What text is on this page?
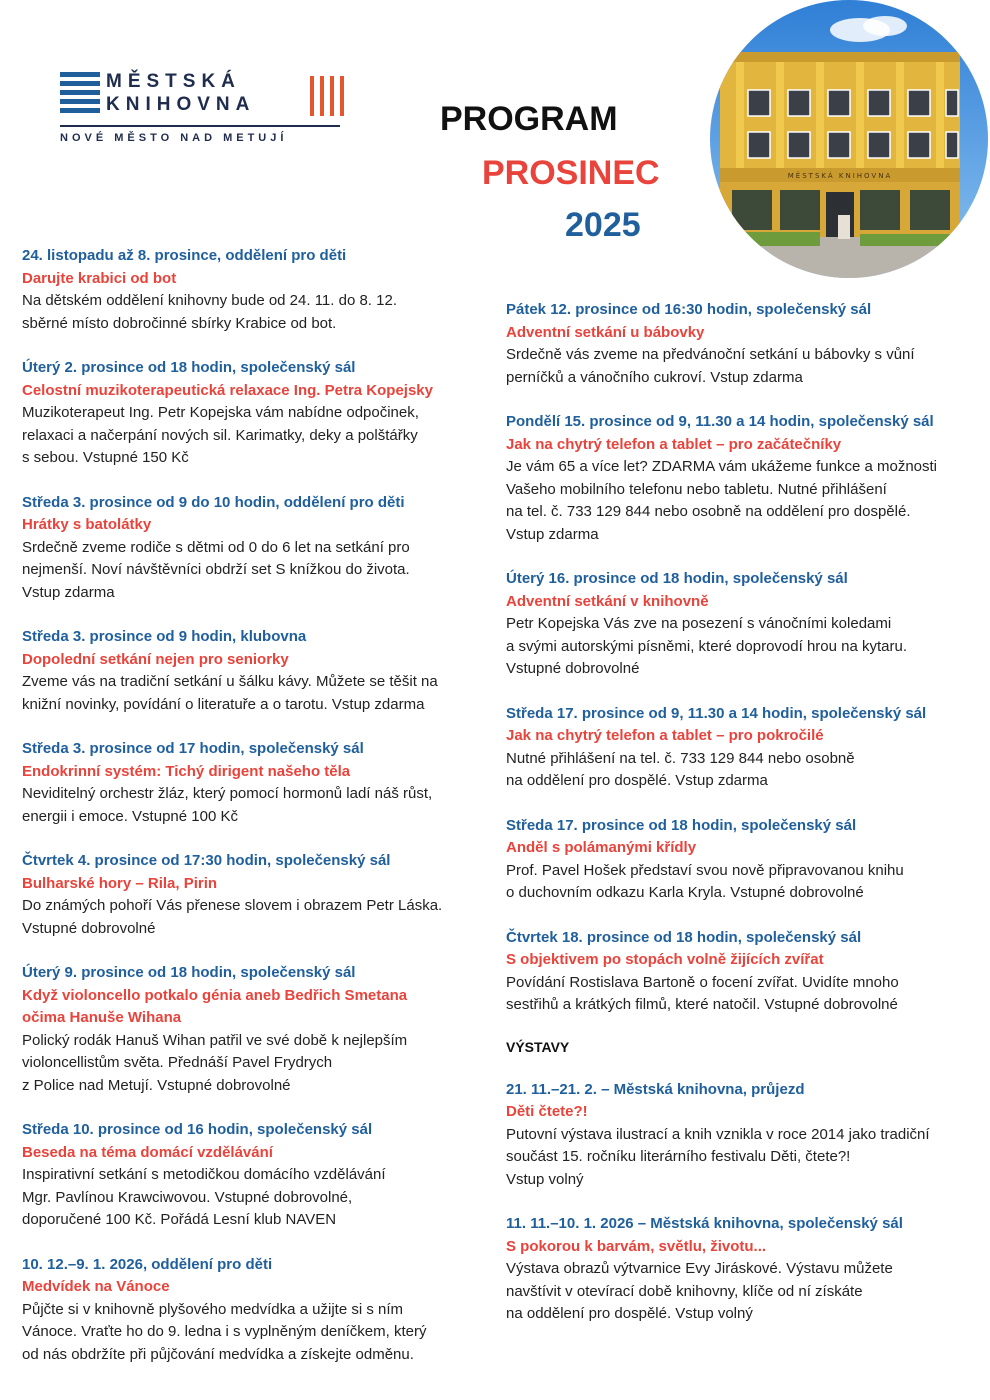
MĚSTSKÁ
KNIHOVNA
NOVÉ MĚSTO NAD METUJÍ	PROGRAM
PROSINEC
2025
MĚSTSKÁ KNIHOVNA
24. listopadu až 8. prosince, oddělení pro děti
Darujte krabici od bot

Na dětském oddělení knihovny bude od 24. 11. do 8. 12.

sběrné místo dobročinné sbírky Krabice od bot.

Úterý 2. prosince od 18 hodin, společenský sál
Celostní muzikoterapeutická relaxace Ing. Petra Kopejsky

Muzikoterapeut Ing. Petr Kopejska vám nabídne odpočinek,

relaxaci a načerpání nových sil. Karimatky, deky a polštářky

s sebou. Vstupné 150 Kč

Středa 3. prosince od 9 do 10 hodin, oddělení pro děti
Hrátky s batolátky

Srdečně zveme rodiče s dětmi od 0 do 6 let na setkání pro

nejmenší. Noví návštěvníci obdrží set S knížkou do života.

Vstup zdarma

Středa 3. prosince od 9 hodin, klubovna
Dopolední setkání nejen pro seniorky

Zveme vás na tradiční setkání u šálku kávy. Můžete se těšit na

knižní novinky, povídání o literatuře a o tarotu. Vstup zdarma

Středa 3. prosince od 17 hodin, společenský sál
Endokrinní systém: Tichý dirigent našeho těla

Neviditelný orchestr žláz, který pomocí hormonů ladí náš růst,

energii i emoce. Vstupné 100 Kč

Čtvrtek 4. prosince od 17:30 hodin, společenský sál
Bulharské hory – Rila, Pirin

Do známých pohoří Vás přenese slovem i obrazem Petr Láska.

Vstupné dobrovolné

Úterý 9. prosince od 18 hodin, společenský sál
Když violoncello potkalo génia aneb Bedřich Smetana
očima Hanuše Wihana

Polický rodák Hanuš Wihan patřil ve své době k nejlepším

violoncellistům světa. Přednáší Pavel Frydrych

z Police nad Metují. Vstupné dobrovolné

Středa 10. prosince od 16 hodin, společenský sál
Beseda na téma domácí vzdělávání

Inspirativní setkání s metodičkou domácího vzdělávání

Mgr. Pavlínou Krawciwovou. Vstupné dobrovolné,

doporučené 100 Kč. Pořádá Lesní klub NAVEN

10. 12.–9. 1. 2026, oddělení pro děti
Medvídek na Vánoce

Půjčte si v knihovně plyšového medvídka a užijte si s ním

Vánoce. Vraťte ho do 9. ledna i s vyplněným deníčkem, který

od nás obdržíte při půjčování medvídka a získejte odměnu.

Pátek 12. prosince od 16:30 hodin, společenský sál
Adventní setkání u bábovky

Srdečně vás zveme na předvánoční setkání u bábovky s vůní

perníčků a vánočního cukroví. Vstup zdarma

Pondělí 15. prosince od 9, 11.30 a 14 hodin, společenský sál
Jak na chytrý telefon a tablet – pro začátečníky

Je vám 65 a více let? ZDARMA vám ukážeme funkce a možnosti

Vašeho mobilního telefonu nebo tabletu. Nutné přihlášení

na tel. č. 733 129 844 nebo osobně na oddělení pro dospělé.

Vstup zdarma

Úterý 16. prosince od 18 hodin, společenský sál
Adventní setkání v knihovně

Petr Kopejska Vás zve na posezení s vánočními koledami

a svými autorskými písněmi, které doprovodí hrou na kytaru.

Vstupné dobrovolné

Středa 17. prosince od 9, 11.30 a 14 hodin, společenský sál
Jak na chytrý telefon a tablet – pro pokročilé

Nutné přihlášení na tel. č. 733 129 844 nebo osobně

na oddělení pro dospělé. Vstup zdarma

Středa 17. prosince od 18 hodin, společenský sál
Anděl s polámanými křídly

Prof. Pavel Hošek představí svou nově připravovanou knihu

o duchovním odkazu Karla Kryla. Vstupné dobrovolné

Čtvrtek 18. prosince od 18 hodin, společenský sál
S objektivem po stopách volně žijících zvířat

Povídání Rostislava Bartoně o focení zvířat. Uvidíte mnoho

sestřihů a krátkých filmů, které natočil. Vstupné dobrovolné

VÝSTAVY
21. 11.–21. 2. – Městská knihovna, průjezd
Děti čtete?!

Putovní výstava ilustrací a knih vznikla v roce 2014 jako tradiční

součást 15. ročníku literárního festivalu Děti, čtete?!

Vstup volný

11. 11.–10. 1. 2026 – Městská knihovna, společenský sál
S pokorou k barvám, světlu, životu...

Výstava obrazů výtvarnice Evy Jiráskové. Výstavu můžete

navštívit v otevírací době knihovny, klíče od ní získáte

na oddělení pro dospělé. Vstup volný
